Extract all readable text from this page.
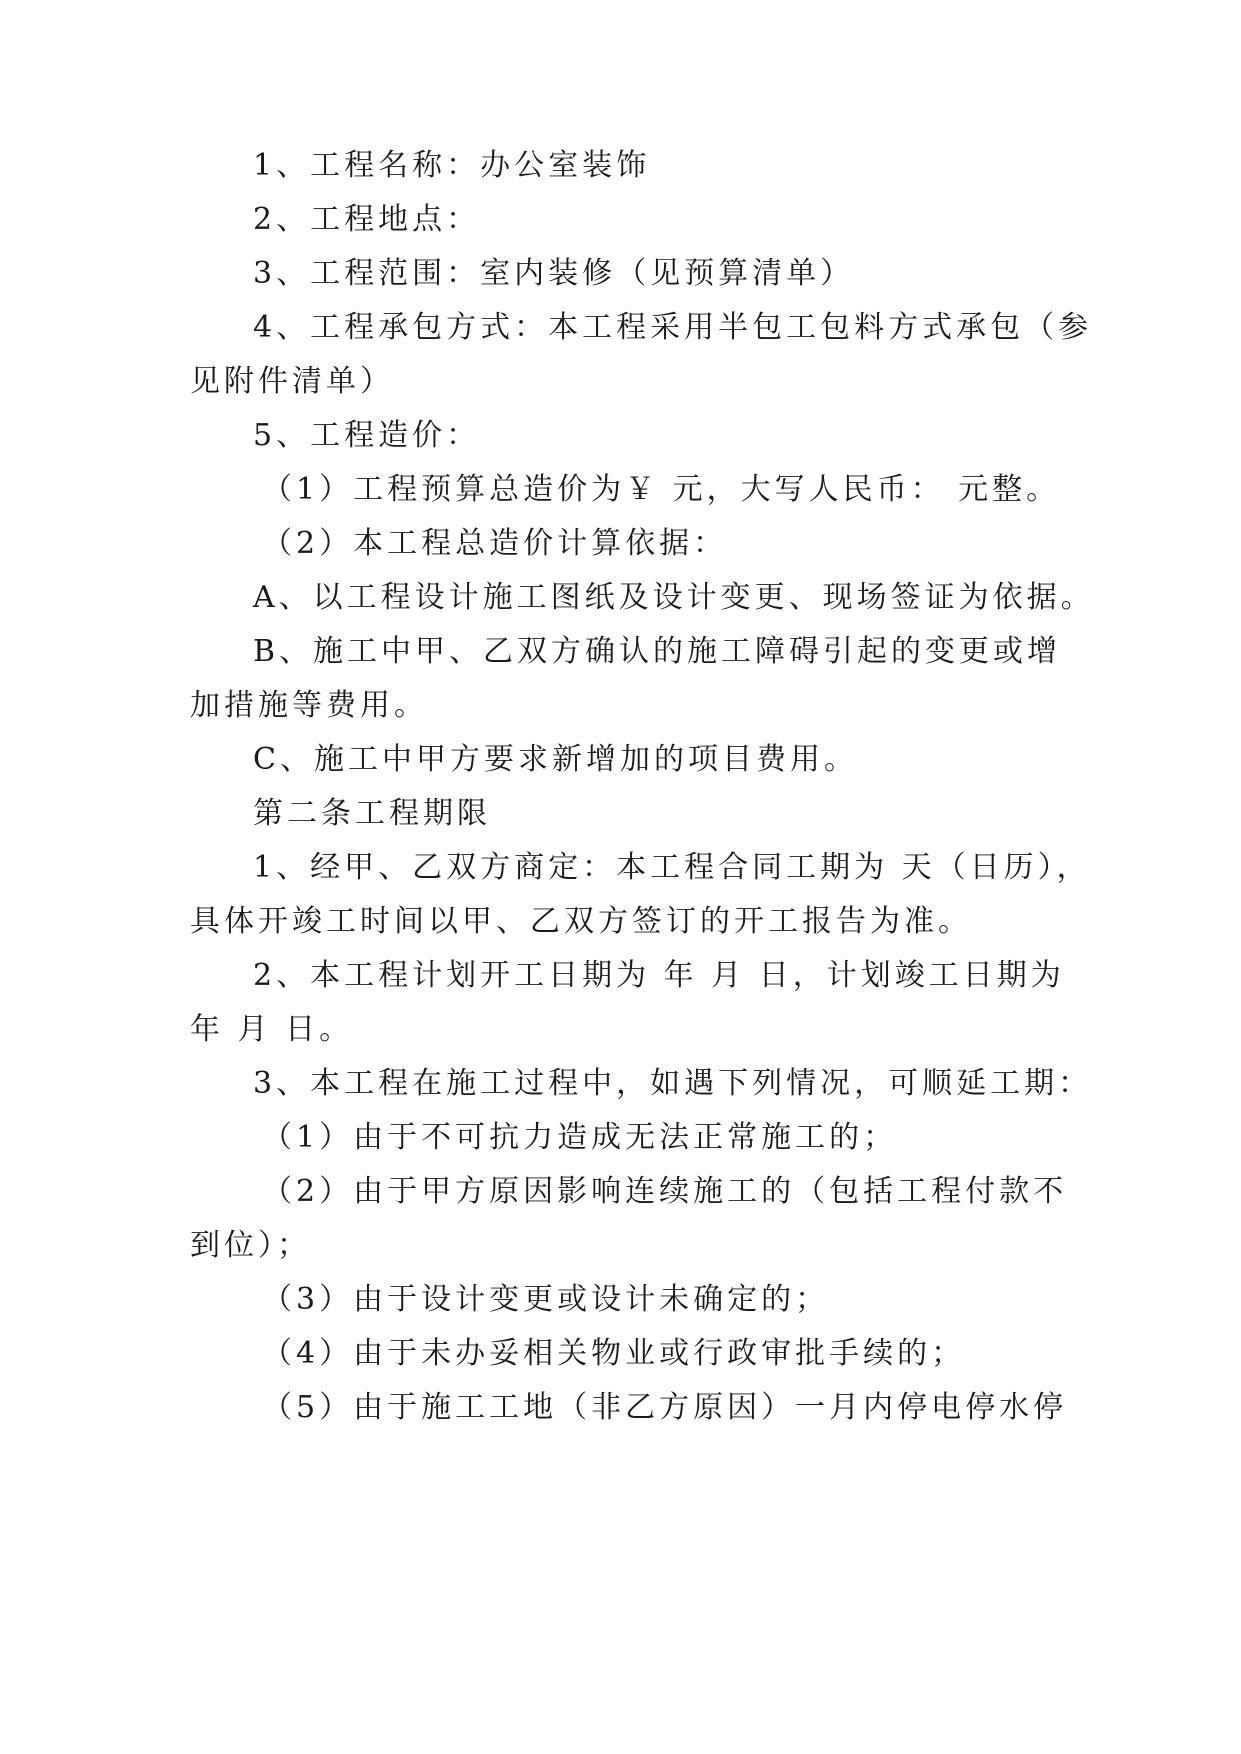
1、工程名称：办公室装饰
2、工程地点：
3、工程范围：室内装修（见预算清单）
4、工程承包方式：本工程采用半包工包料方式承包（参
见附件清单）
5、工程造价：
（1）工程预算总造价为￥ 元，大写人民币： 元整。
（2）本工程总造价计算依据：
A、以工程设计施工图纸及设计变更、现场签证为依据。
B、施工中甲、乙双方确认的施工障碍引起的变更或增
加措施等费用。
C、施工中甲方要求新增加的项目费用。
第二条工程期限
1、经甲、乙双方商定：本工程合同工期为 天（日历），
具体开竣工时间以甲、乙双方签订的开工报告为准。
2、本工程计划开工日期为 年 月 日，计划竣工日期为
年 月 日。
3、本工程在施工过程中，如遇下列情况，可顺延工期：
（1）由于不可抗力造成无法正常施工的；
（2）由于甲方原因影响连续施工的（包括工程付款不
到位）；
（3）由于设计变更或设计未确定的；
（4）由于未办妥相关物业或行政审批手续的；
（5）由于施工工地（非乙方原因）一月内停电停水停
